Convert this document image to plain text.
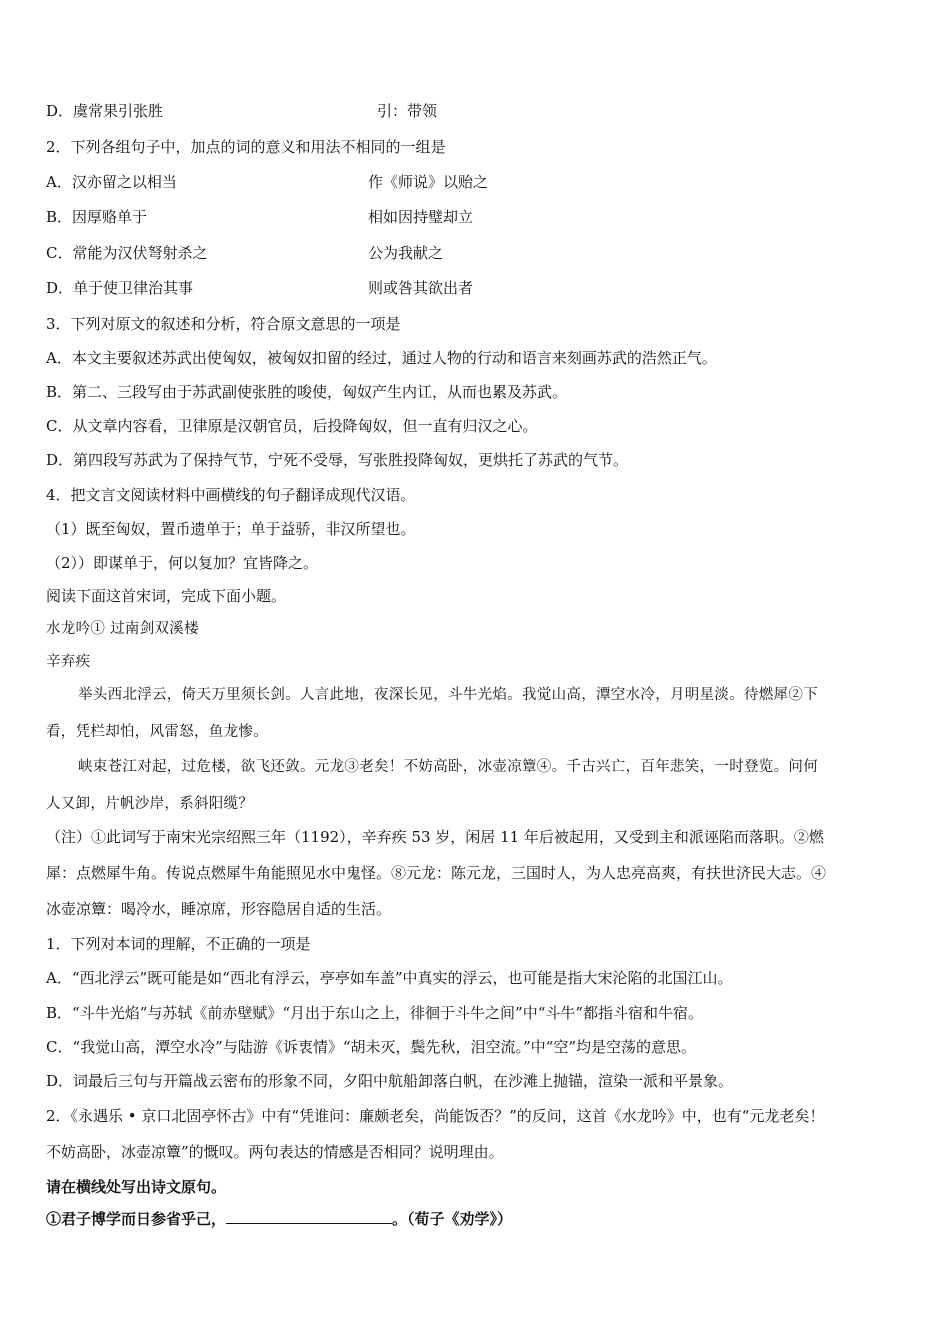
D．虞常果引张胜	引：带领
2．下列各组句子中，加点的词的意义和用法不相同的一组是
A．汉亦留之以相当	作《师说》以贻之
B．因厚赂单于	相如因持璧却立
C．常能为汉伏弩射杀之	公为我献之
D．单于使卫律治其事	则或咎其欲出者
3．下列对原文的叙述和分析，符合原文意思的一项是
A．本文主要叙述苏武出使匈奴，被匈奴扣留的经过，通过人物的行动和语言来刻画苏武的浩然正气。
B．第二、三段写由于苏武副使张胜的唆使，匈奴产生内讧，从而也累及苏武。
C．从文章内容看，卫律原是汉朝官员，后投降匈奴，但一直有归汉之心。
D．第四段写苏武为了保持气节，宁死不受辱，写张胜投降匈奴，更烘托了苏武的气节。
4．把文言文阅读材料中画横线的句子翻译成现代汉语。
（1）既至匈奴，置币遗单于；单于益骄，非汉所望也。
（2））即谋单于，何以复加？宜皆降之。
阅读下面这首宋词，完成下面小题。
水龙吟① 过南剑双溪楼
辛弃疾
举头西北浮云，倚天万里须长剑。人言此地，夜深长见，斗牛光焰。我觉山高，潭空水冷，月明星淡。待燃犀②下
看，凭栏却怕，风雷怒，鱼龙惨。
峡束苍江对起，过危楼，欲飞还敛。元龙③老矣！不妨高卧，冰壶凉簟④。千古兴亡，百年悲笑，一时登览。问何
人又卸，片帆沙岸，系斜阳缆？
（注）①此词写于南宋光宗绍熙三年（1192），辛弃疾 53 岁，闲居 11 年后被起用，又受到主和派诬陷而落职。②燃
犀：点燃犀牛角。传说点燃犀牛角能照见水中鬼怪。⑧元龙：陈元龙，三国时人，为人忠亮高爽，有扶世济民大志。④
冰壶凉簟：喝冷水，睡凉席，形容隐居自适的生活。
1．下列对本词的理解，不正确的一项是
A．“西北浮云”既可能是如“西北有浮云，亭亭如车盖”中真实的浮云，也可能是指大宋沦陷的北国江山。
B．“斗牛光焰”与苏轼《前赤壁赋》“月出于东山之上，徘徊于斗牛之间”中“斗牛”都指斗宿和牛宿。
C．“我觉山高，潭空水冷”与陆游《诉衷情》“胡未灭，鬓先秋，泪空流。”中“空”均是空荡的意思。
D．词最后三句与开篇战云密布的形象不同，夕阳中航船卸落白帆，在沙滩上抛锚，渲染一派和平景象。
2．《永遇乐 • 京口北固亭怀古》中有“凭谁问：廉颇老矣，尚能饭否？”的反问，这首《水龙吟》中，也有“元龙老矣！
不妨高卧，冰壶凉簟”的慨叹。两句表达的情感是否相同？说明理由。
请在横线处写出诗文原句。
①君子博学而日参省乎己，	。（荀子《劝学》）
